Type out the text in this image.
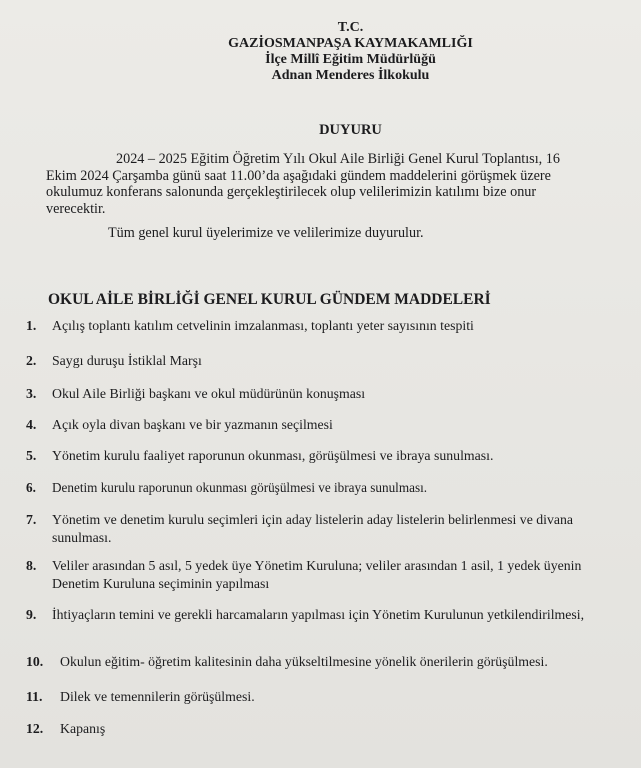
T.C.
GAZİOSMANPAŞA KAYMAKAMLIĞI
İlçe Millî Eğitim Müdürlüğü
Adnan Menderes İlkokulu
DUYURU
2024 – 2025 Eğitim Öğretim Yılı Okul Aile Birliği Genel Kurul Toplantısı, 16 Ekim 2024 Çarşamba günü saat 11.00’da aşağıdaki gündem maddelerini görüşmek üzere okulumuz konferans salonunda gerçekleştirilecek olup velilerimizin katılımı bize onur verecektir.
Tüm genel kurul üyelerimize ve velilerimize duyurulur.
OKUL AİLE BİRLİĞİ GENEL KURUL GÜNDEM MADDELERİ
1. Açılış toplantı katılım cetvelinin imzalanması, toplantı yeter sayısının tespiti
2. Saygı duruşu İstiklal Marşı
3. Okul Aile Birliği başkanı ve okul müdürünün konuşması
4. Açık oyla divan başkanı ve bir yazmanın seçilmesi
5. Yönetim kurulu faaliyet raporunun okunması, görüşülmesi ve ibraya sunulması.
6. Denetim kurulu raporunun okunması görüşülmesi ve ibraya sunulması.
7. Yönetim ve denetim kurulu seçimleri için aday listelerin aday listelerin belirlenmesi ve divana sunulması.
8. Veliler arasından 5 asıl, 5 yedek üye Yönetim Kuruluna; veliler arasından 1 asil, 1 yedek üyenin Denetim Kuruluna seçiminin yapılması
9. İhtiyaçların temini ve gerekli harcamaların yapılması için Yönetim Kurulunun yetkilendirilmesi,
10. Okulun eğitim- öğretim kalitesinin daha yükseltilmesine yönelik önerilerin görüşülmesi.
11. Dilek ve temennilerin görüşülmesi.
12. Kapanış
